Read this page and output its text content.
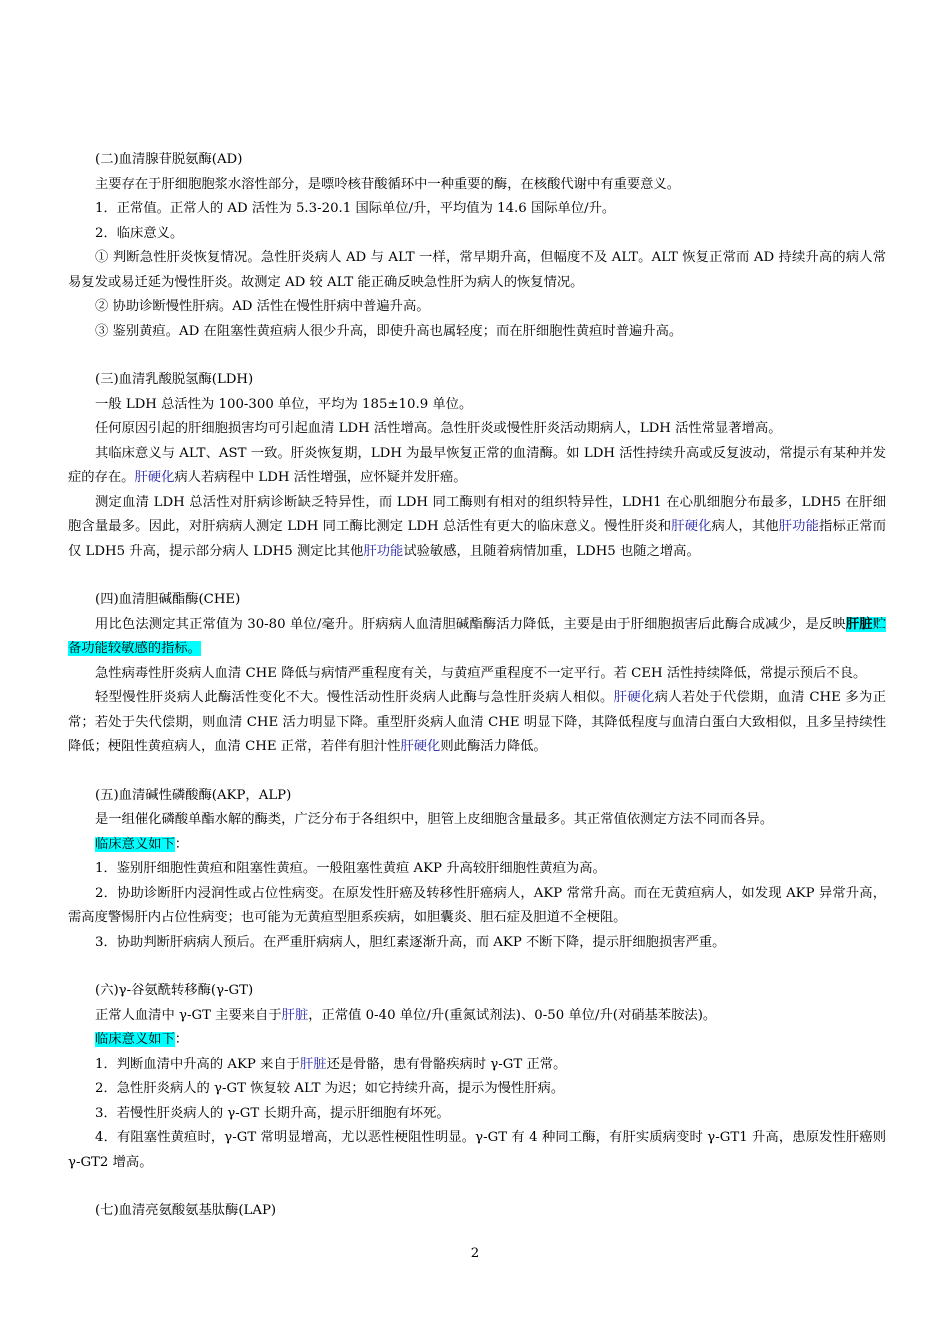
(二)血清腺苷脱氨酶(AD)

主要存在于肝细胞胞浆水溶性部分，是嘌呤核苷酸循环中一种重要的酶，在核酸代谢中有重要意义。

1．正常值。正常人的 AD 活性为 5.3-20.1 国际单位/升，平均值为 14.6 国际单位/升。

2．临床意义。

① 判断急性肝炎恢复情况。急性肝炎病人 AD 与 ALT 一样，常早期升高，但幅度不及 ALT。ALT 恢复正常而 AD 持续升高的病人常易复发或易迁延为慢性肝炎。故测定 AD 较 ALT 能正确反映急性肝为病人的恢复情况。

② 协助诊断慢性肝病。AD 活性在慢性肝病中普遍升高。

③ 鉴别黄疸。AD 在阻塞性黄疸病人很少升高，即使升高也属轻度；而在肝细胞性黄疸时普遍升高。

(三)血清乳酸脱氢酶(LDH)

一般 LDH 总活性为 100-300 单位，平均为 185±10.9 单位。

任何原因引起的肝细胞损害均可引起血清 LDH 活性增高。急性肝炎或慢性肝炎活动期病人，LDH 活性常显著增高。

其临床意义与 ALT、AST 一致。肝炎恢复期，LDH 为最早恢复正常的血清酶。如 LDH 活性持续升高或反复波动，常提示有某种并发症的存在。肝硬化病人若病程中 LDH 活性增强，应怀疑并发肝癌。

测定血清 LDH 总活性对肝病诊断缺乏特异性，而 LDH 同工酶则有相对的组织特异性，LDH1 在心肌细胞分布最多，LDH5 在肝细胞含量最多。因此，对肝病病人测定 LDH 同工酶比测定 LDH 总活性有更大的临床意义。慢性肝炎和肝硬化病人，其他肝功能指标正常而仅 LDH5 升高，提示部分病人 LDH5 测定比其他肝功能试验敏感，且随着病情加重，LDH5 也随之增高。

(四)血清胆碱酯酶(CHE)

用比色法测定其正常值为 30-80 单位/毫升。肝病病人血清胆碱酯酶活力降低，主要是由于肝细胞损害后此酶合成减少，是反映肝脏贮备功能较敏感的指标。

急性病毒性肝炎病人血清 CHE 降低与病情严重程度有关，与黄疸严重程度不一定平行。若 CEH 活性持续降低，常提示预后不良。

轻型慢性肝炎病人此酶活性变化不大。慢性活动性肝炎病人此酶与急性肝炎病人相似。肝硬化病人若处于代偿期，血清 CHE 多为正常；若处于失代偿期，则血清 CHE 活力明显下降。重型肝炎病人血清 CHE 明显下降，其降低程度与血清白蛋白大致相似，且多呈持续性降低；梗阻性黄疸病人，血清 CHE 正常，若伴有胆汁性肝硬化则此酶活力降低。

(五)血清碱性磷酸酶(AKP，ALP)

是一组催化磷酸单酯水解的酶类，广泛分布于各组织中，胆管上皮细胞含量最多。其正常值依测定方法不同而各异。

临床意义如下：

1．鉴别肝细胞性黄疸和阻塞性黄疸。一般阻塞性黄疸 AKP 升高较肝细胞性黄疸为高。

2．协助诊断肝内浸润性或占位性病变。在原发性肝癌及转移性肝癌病人，AKP 常常升高。而在无黄疸病人，如发现 AKP 异常升高，需高度警惕肝内占位性病变；也可能为无黄疸型胆系疾病，如胆囊炎、胆石症及胆道不全梗阻。

3．协助判断肝病病人预后。在严重肝病病人，胆红素逐渐升高，而 AKP 不断下降，提示肝细胞损害严重。

(六)γ-谷氨酰转移酶(γ-GT)

正常人血清中 γ-GT 主要来自于肝脏，正常值 0-40 单位/升(重氮试剂法)、0-50 单位/升(对硝基苯胺法)。

临床意义如下：

1．判断血清中升高的 AKP 来自于肝脏还是骨骼，患有骨骼疾病时 γ-GT 正常。

2．急性肝炎病人的 γ-GT 恢复较 ALT 为迟；如它持续升高，提示为慢性肝病。

3．若慢性肝炎病人的 γ-GT 长期升高，提示肝细胞有坏死。

4．有阻塞性黄疸时，γ-GT 常明显增高，尤以恶性梗阻性明显。γ-GT 有 4 种同工酶，有肝实质病变时 γ-GT1 升高，患原发性肝癌则 γ-GT2 增高。

(七)血清亮氨酸氨基肽酶(LAP)

2
